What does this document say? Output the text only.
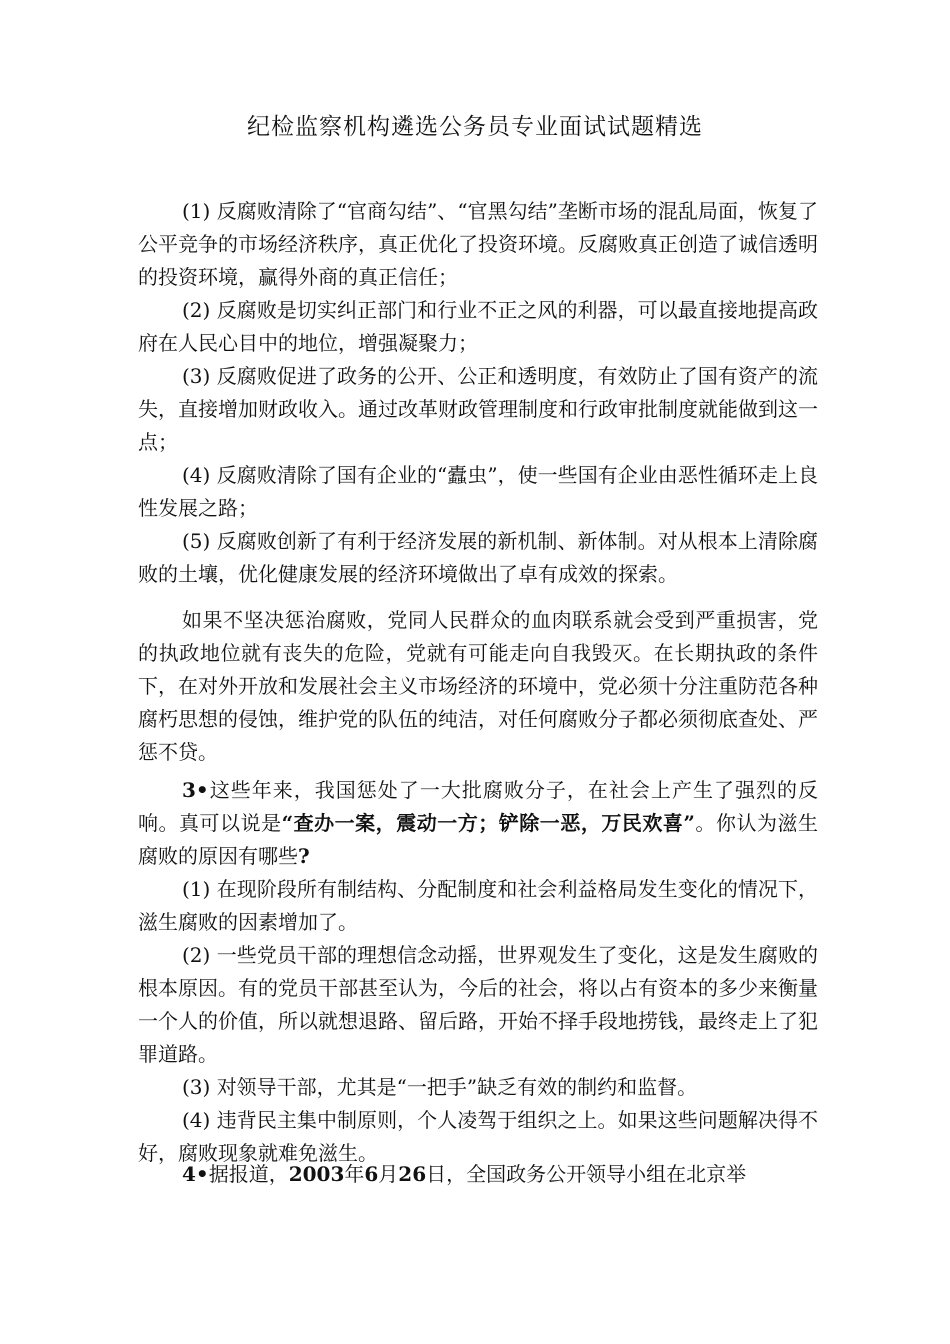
纪检监察机构遴选公务员专业面试试题精选

(1) 反腐败清除了“官商勾结”、“官黑勾结”垄断市场的混乱局面，恢复了公平竞争的市场经济秩序，真正优化了投资环境。反腐败真正创造了诚信透明的投资环境，赢得外商的真正信任；

(2) 反腐败是切实纠正部门和行业不正之风的利器，可以最直接地提高政府在人民心目中的地位，增强凝聚力；

(3) 反腐败促进了政务的公开、公正和透明度，有效防止了国有资产的流失，直接增加财政收入。通过改革财政管理制度和行政审批制度就能做到这一点；

(4) 反腐败清除了国有企业的“蠹虫”，使一些国有企业由恶性循环走上良性发展之路；

(5) 反腐败创新了有利于经济发展的新机制、新体制。对从根本上清除腐败的土壤，优化健康发展的经济环境做出了卓有成效的探索。

如果不坚决惩治腐败，党同人民群众的血肉联系就会受到严重损害，党的执政地位就有丧失的危险，党就有可能走向自我毁灭。在长期执政的条件下，在对外开放和发展社会主义市场经济的环境中，党必须十分注重防范各种腐朽思想的侵蚀，维护党的队伍的纯洁，对任何腐败分子都必须彻底查处、严惩不贷。

3•这些年来，我国惩处了一大批腐败分子，在社会上产生了强烈的反响。真可以说是“查办一案，震动一方；铲除一恶，万民欢喜”。你认为滋生腐败的原因有哪些?

(1) 在现阶段所有制结构、分配制度和社会利益格局发生变化的情况下，滋生腐败的因素增加了。

(2) 一些党员干部的理想信念动摇，世界观发生了变化，这是发生腐败的根本原因。有的党员干部甚至认为，今后的社会，将以占有资本的多少来衡量一个人的价值，所以就想退路、留后路，开始不择手段地捞钱，最终走上了犯罪道路。

(3) 对领导干部，尤其是“一把手”缺乏有效的制约和监督。

(4) 违背民主集中制原则，个人凌驾于组织之上。如果这些问题解决得不好，腐败现象就难免滋生。

4•据报道，2003年6月26日，全国政务公开领导小组在北京举
